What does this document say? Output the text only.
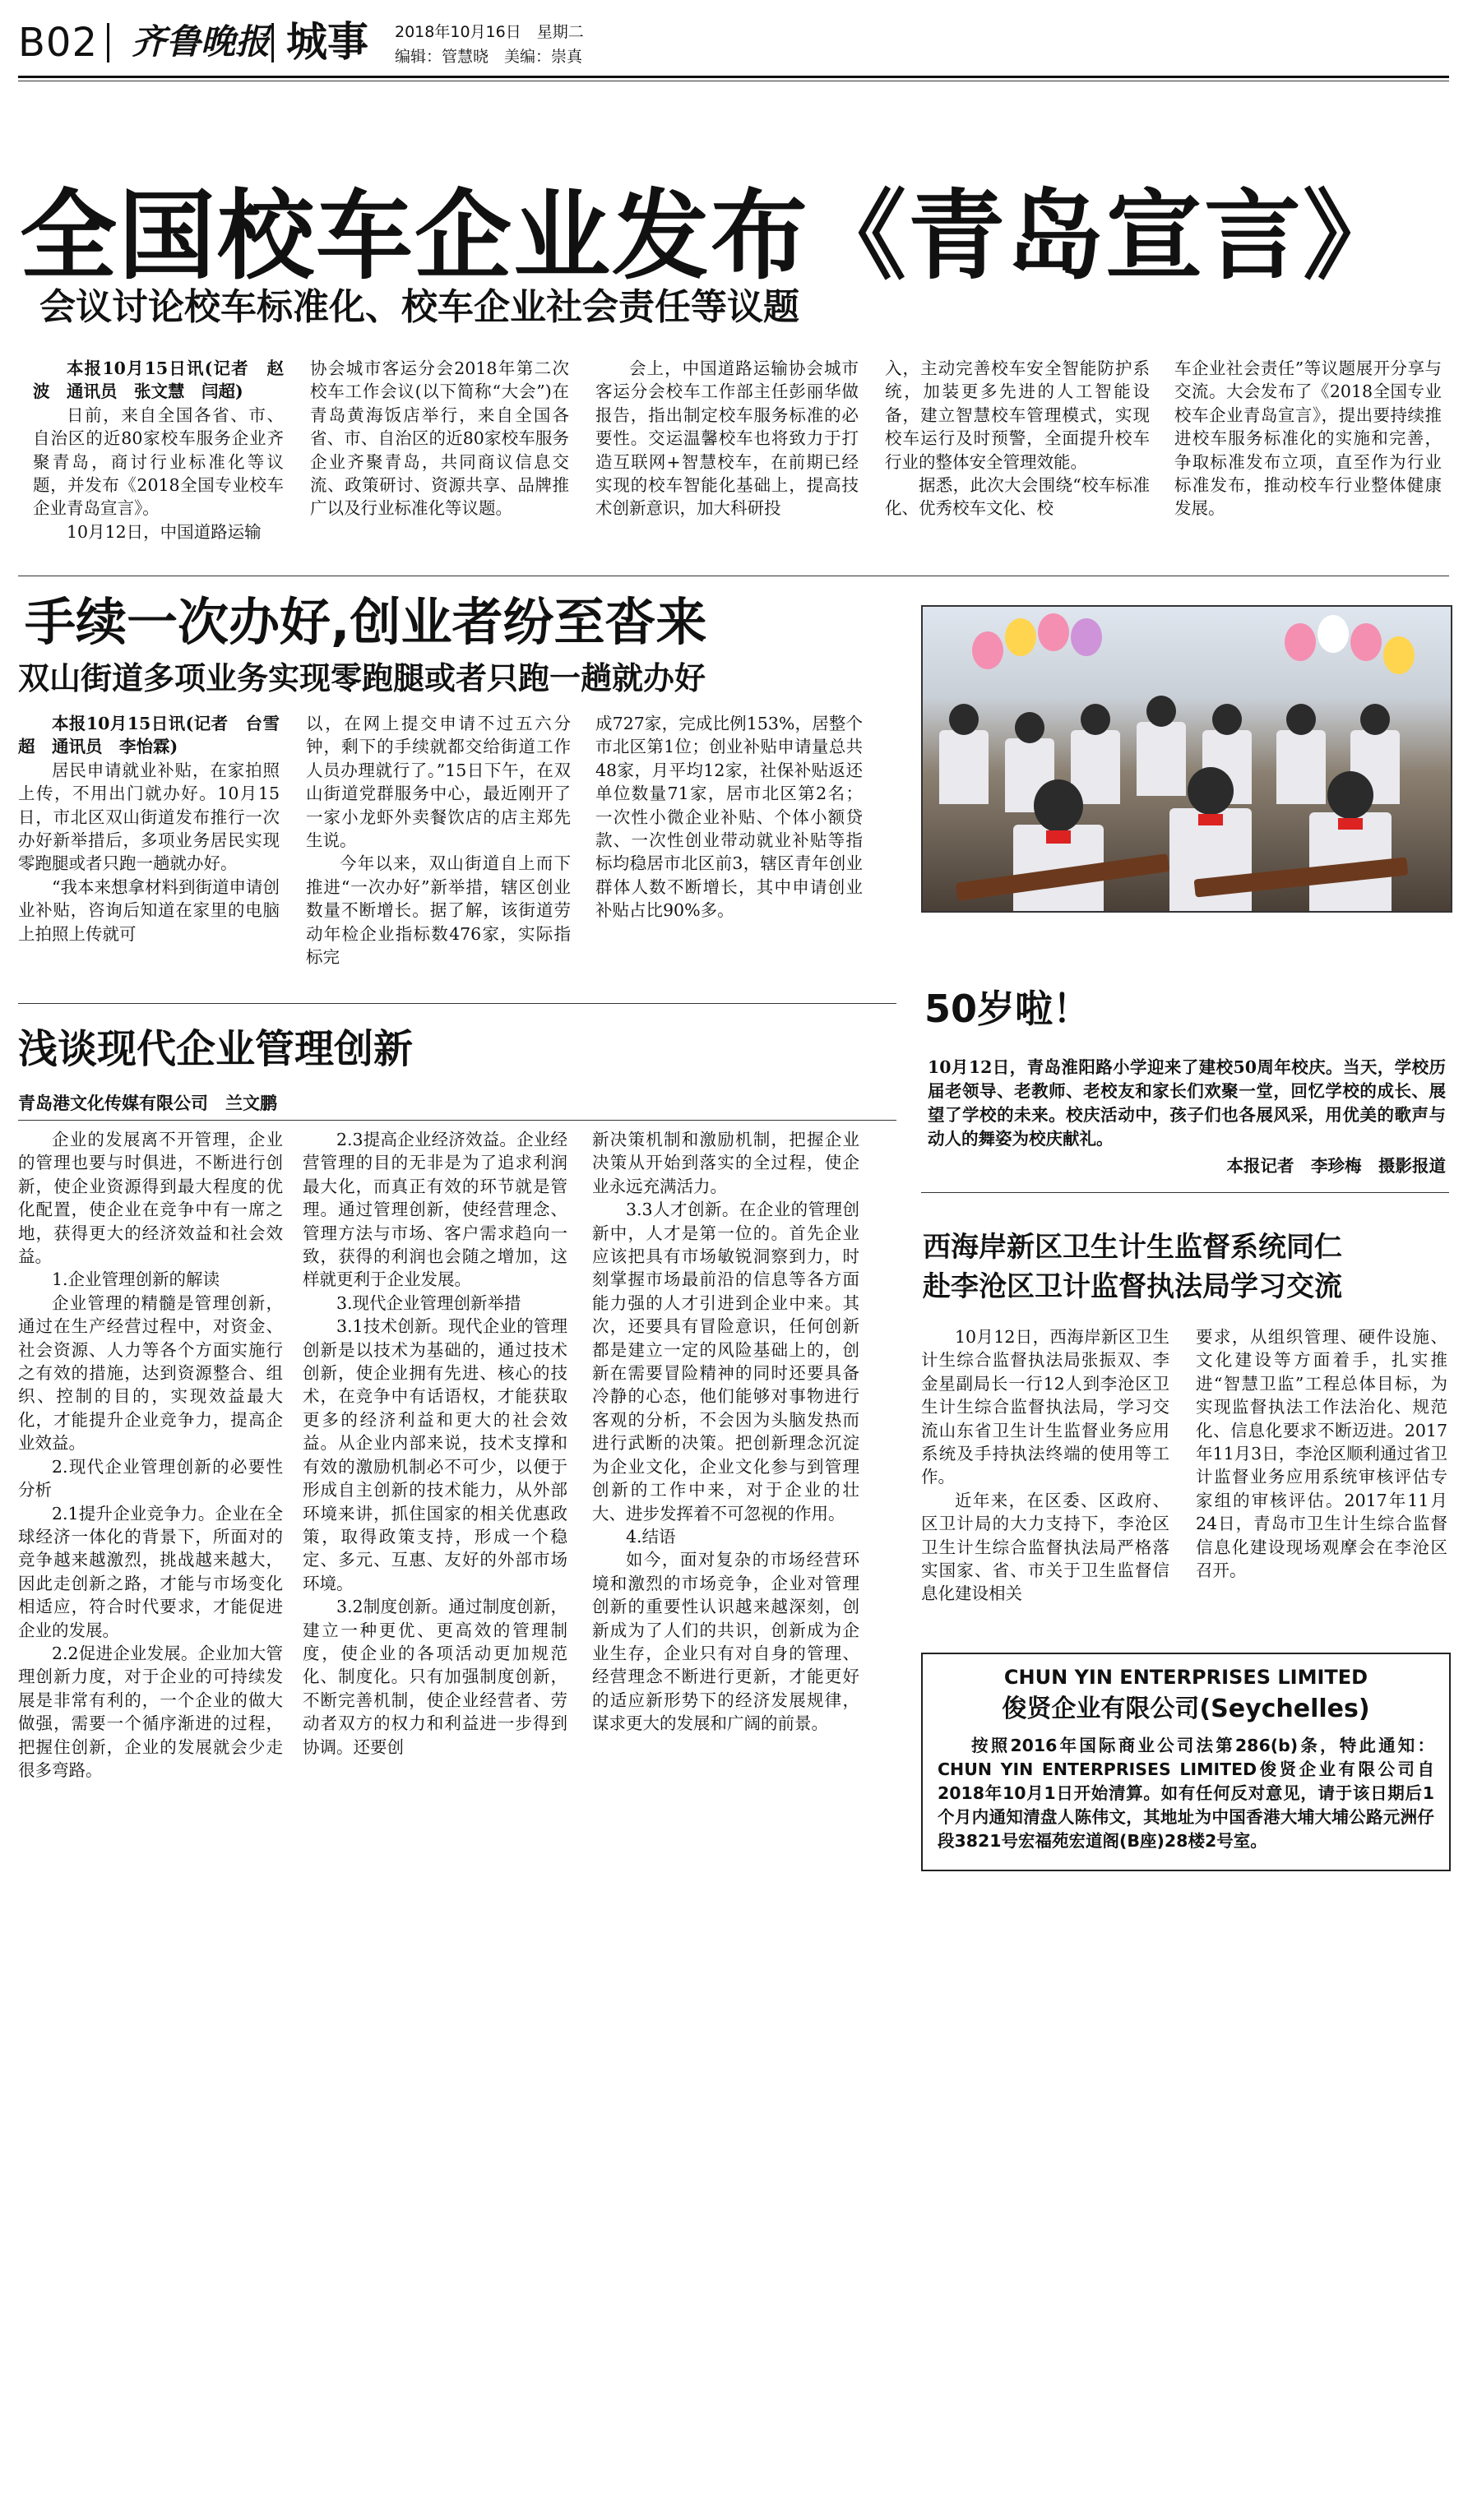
B02 齐鲁晚报 城事 2018年10月16日　星期二
编辑：管慧晓　美编：崇真
全国校车企业发布《青岛宣言》
会议讨论校车标准化、校车企业社会责任等议题

本报10月15日讯(记者　赵波　通讯员　张文慧　闫超)

日前，来自全国各省、市、自治区的近80家校车服务企业齐聚青岛，商讨行业标准化等议题，并发布《2018全国专业校车企业青岛宣言》。

10月12日，中国道路运输

协会城市客运分会2018年第二次校车工作会议(以下简称“大会”)在青岛黄海饭店举行，来自全国各省、市、自治区的近80家校车服务企业齐聚青岛，共同商议信息交流、政策研讨、资源共享、品牌推广以及行业标准化等议题。

会上，中国道路运输协会城市客运分会校车工作部主任彭丽华做报告，指出制定校车服务标准的必要性。交运温馨校车也将致力于打造互联网+智慧校车，在前期已经实现的校车智能化基础上，提高技术创新意识，加大科研投

入，主动完善校车安全智能防护系统，加装更多先进的人工智能设备，建立智慧校车管理模式，实现校车运行及时预警，全面提升校车行业的整体安全管理效能。

据悉，此次大会围绕“校车标准化、优秀校车文化、校

车企业社会责任”等议题展开分享与交流。大会发布了《2018全国专业校车企业青岛宣言》，提出要持续推进校车服务标准化的实施和完善，争取标准发布立项，直至作为行业标准发布，推动校车行业整体健康发展。

手续一次办好,创业者纷至沓来
双山街道多项业务实现零跑腿或者只跑一趟就办好

本报10月15日讯(记者　台雪超　通讯员　李怡霖)

居民申请就业补贴，在家拍照上传，不用出门就办好。10月15日，市北区双山街道发布推行一次办好新举措后，多项业务居民实现零跑腿或者只跑一趟就办好。

“我本来想拿材料到街道申请创业补贴，咨询后知道在家里的电脑上拍照上传就可

以，在网上提交申请不过五六分钟，剩下的手续就都交给街道工作人员办理就行了。”15日下午，在双山街道党群服务中心，最近刚开了一家小龙虾外卖餐饮店的店主郑先生说。

今年以来，双山街道自上而下推进“一次办好”新举措，辖区创业数量不断增长。据了解，该街道劳动年检企业指标数476家，实际指标完

成727家，完成比例153%，居整个市北区第1位；创业补贴申请量总共48家，月平均12家，社保补贴返还单位数量71家，居市北区第2名；一次性小微企业补贴、个体小额贷款、一次性创业带动就业补贴等指标均稳居市北区前3，辖区青年创业群体人数不断增长，其中申请创业补贴占比90%多。

浅谈现代企业管理创新
青岛港文化传媒有限公司　兰文鹏

企业的发展离不开管理，企业的管理也要与时俱进，不断进行创新，使企业资源得到最大程度的优化配置，使企业在竞争中有一席之地，获得更大的经济效益和社会效益。

1.企业管理创新的解读

企业管理的精髓是管理创新，通过在生产经营过程中，对资金、社会资源、人力等各个方面实施行之有效的措施，达到资源整合、组织、控制的目的，实现效益最大化，才能提升企业竞争力，提高企业效益。

2.现代企业管理创新的必要性分析

2.1提升企业竞争力。企业在全球经济一体化的背景下，所面对的竞争越来越激烈，挑战越来越大，因此走创新之路，才能与市场变化相适应，符合时代要求，才能促进企业的发展。

2.2促进企业发展。企业加大管理创新力度，对于企业的可持续发展是非常有利的，一个企业的做大做强，需要一个循序渐进的过程，把握住创新，企业的发展就会少走很多弯路。

2.3提高企业经济效益。企业经营管理的目的无非是为了追求利润最大化，而真正有效的环节就是管理。通过管理创新，使经营理念、管理方法与市场、客户需求趋向一致，获得的利润也会随之增加，这样就更利于企业发展。

3.现代企业管理创新举措

3.1技术创新。现代企业的管理创新是以技术为基础的，通过技术创新，使企业拥有先进、核心的技术，在竞争中有话语权，才能获取更多的经济利益和更大的社会效益。从企业内部来说，技术支撑和有效的激励机制必不可少，以便于形成自主创新的技术能力，从外部环境来讲，抓住国家的相关优惠政策，取得政策支持，形成一个稳定、多元、互惠、友好的外部市场环境。

3.2制度创新。通过制度创新，建立一种更优、更高效的管理制度，使企业的各项活动更加规范化、制度化。只有加强制度创新，不断完善机制，使企业经营者、劳动者双方的权力和利益进一步得到协调。还要创

新决策机制和激励机制，把握企业决策从开始到落实的全过程，使企业永远充满活力。

3.3人才创新。在企业的管理创新中，人才是第一位的。首先企业应该把具有市场敏锐洞察到力，时刻掌握市场最前沿的信息等各方面能力强的人才引进到企业中来。其次，还要具有冒险意识，任何创新都是建立一定的风险基础上的，创新在需要冒险精神的同时还要具备冷静的心态，他们能够对事物进行客观的分析，不会因为头脑发热而进行武断的决策。把创新理念沉淀为企业文化，企业文化参与到管理创新的工作中来，对于企业的壮大、进步发挥着不可忽视的作用。

4.结语

如今，面对复杂的市场经营环境和激烈的市场竞争，企业对管理创新的重要性认识越来越深刻，创新成为了人们的共识，创新成为企业生存，企业只有对自身的管理、经营理念不断进行更新，才能更好的适应新形势下的经济发展规律，谋求更大的发展和广阔的前景。

50岁啦！
10月12日，青岛淮阳路小学迎来了建校50周年校庆。当天，学校历届老领导、老教师、老校友和家长们欢聚一堂，回忆学校的成长、展望了学校的未来。校庆活动中，孩子们也各展风采，用优美的歌声与动人的舞姿为校庆献礼。
本报记者　李珍梅　摄影报道
西海岸新区卫生计生监督系统同仁
赴李沧区卫计监督执法局学习交流

10月12日，西海岸新区卫生计生综合监督执法局张振双、李金星副局长一行12人到李沧区卫生计生综合监督执法局，学习交流山东省卫生计生监督业务应用系统及手持执法终端的使用等工作。

近年来，在区委、区政府、区卫计局的大力支持下，李沧区卫生计生综合监督执法局严格落实国家、省、市关于卫生监督信息化建设相关

要求，从组织管理、硬件设施、文化建设等方面着手，扎实推进“智慧卫监”工程总体目标，为实现监督执法工作法治化、规范化、信息化要求不断迈进。2017年11月3日，李沧区顺利通过省卫计监督业务应用系统审核评估专家组的审核评估。2017年11月24日，青岛市卫生计生综合监督信息化建设现场观摩会在李沧区召开。

CHUN YIN ENTERPRISES LIMITED
俊贤企业有限公司(Seychelles)
按照2016年国际商业公司法第286(b)条，特此通知：CHUN YIN ENTERPRISES LIMITED俊贤企业有限公司自2018年10月1日开始清算。如有任何反对意见，请于该日期后1个月内通知清盘人陈伟文，其地址为中国香港大埔大埔公路元洲仔段3821号宏福苑宏道阁(B座)28楼2号室。
